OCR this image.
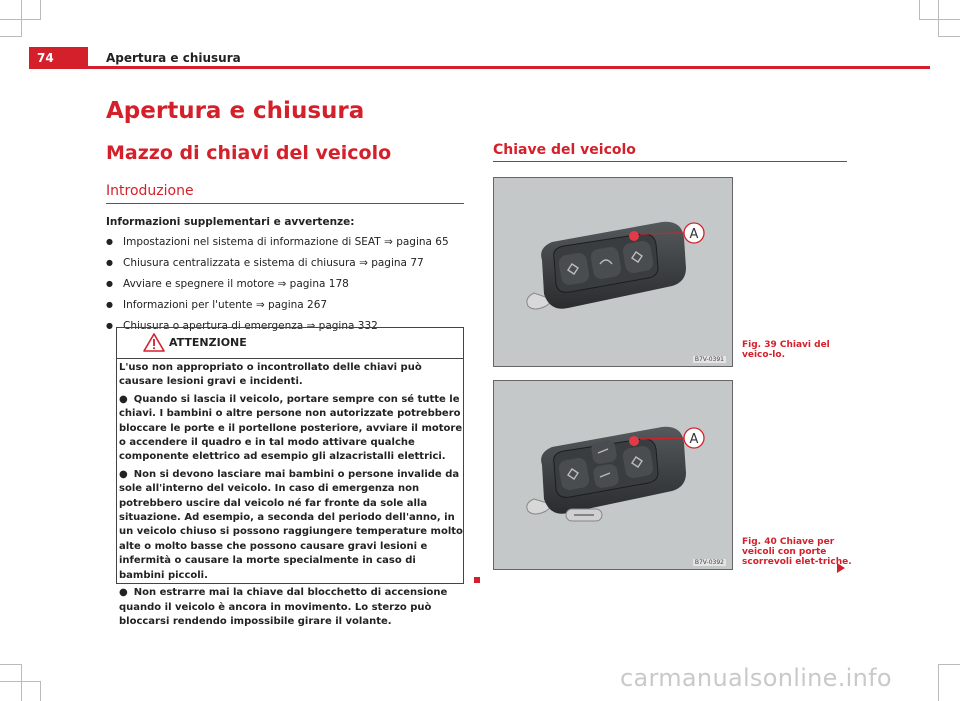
74	Apertura e chiusura
Apertura e chiusura
Mazzo di chiavi del veicolo
Introduzione
Informazioni supplementari e avvertenze:
● Impostazioni nel sistema di informazione di SEAT ⇒ pagina 65
● Chiusura centralizzata e sistema di chiusura ⇒ pagina 77
● Avviare e spegnere il motore ⇒ pagina 178
● Informazioni per l'utente ⇒ pagina 267
● Chiusura o apertura di emergenza ⇒ pagina 332
ATTENZIONE

L'uso non appropriato o incontrollato delle chiavi può causare lesioni gravi e incidenti.

● Quando si lascia il veicolo, portare sempre con sé tutte le chiavi. I bambini o altre persone non autorizzate potrebbero bloccare le porte e il portellone posteriore, avviare il motore o accendere il quadro e in tal modo attivare qualche componente elettrico ad esempio gli alzacristalli elettrici.

● Non si devono lasciare mai bambini o persone invalide da sole all'interno del veicolo. In caso di emergenza non potrebbero uscire dal veicolo né far fronte da sole alla situazione. Ad esempio, a seconda del periodo dell'anno, in un veicolo chiuso si possono raggiungere temperature molto alte o molto basse che possono causare gravi lesioni e infermità o causare la morte specialmente in caso di bambini piccoli.

● Non estrarre mai la chiave dal blocchetto di accensione quando il veicolo è ancora in movimento. Lo sterzo può bloccarsi rendendo impossibile girare il volante.

Chiave del veicolo
A
B7V-0391
Fig. 39 Chiavi del veico-lo.
A
B7V-0392
Fig. 40 Chiave per veicoli con porte scorrevoli elet-triche.
carmanualsonline.info
